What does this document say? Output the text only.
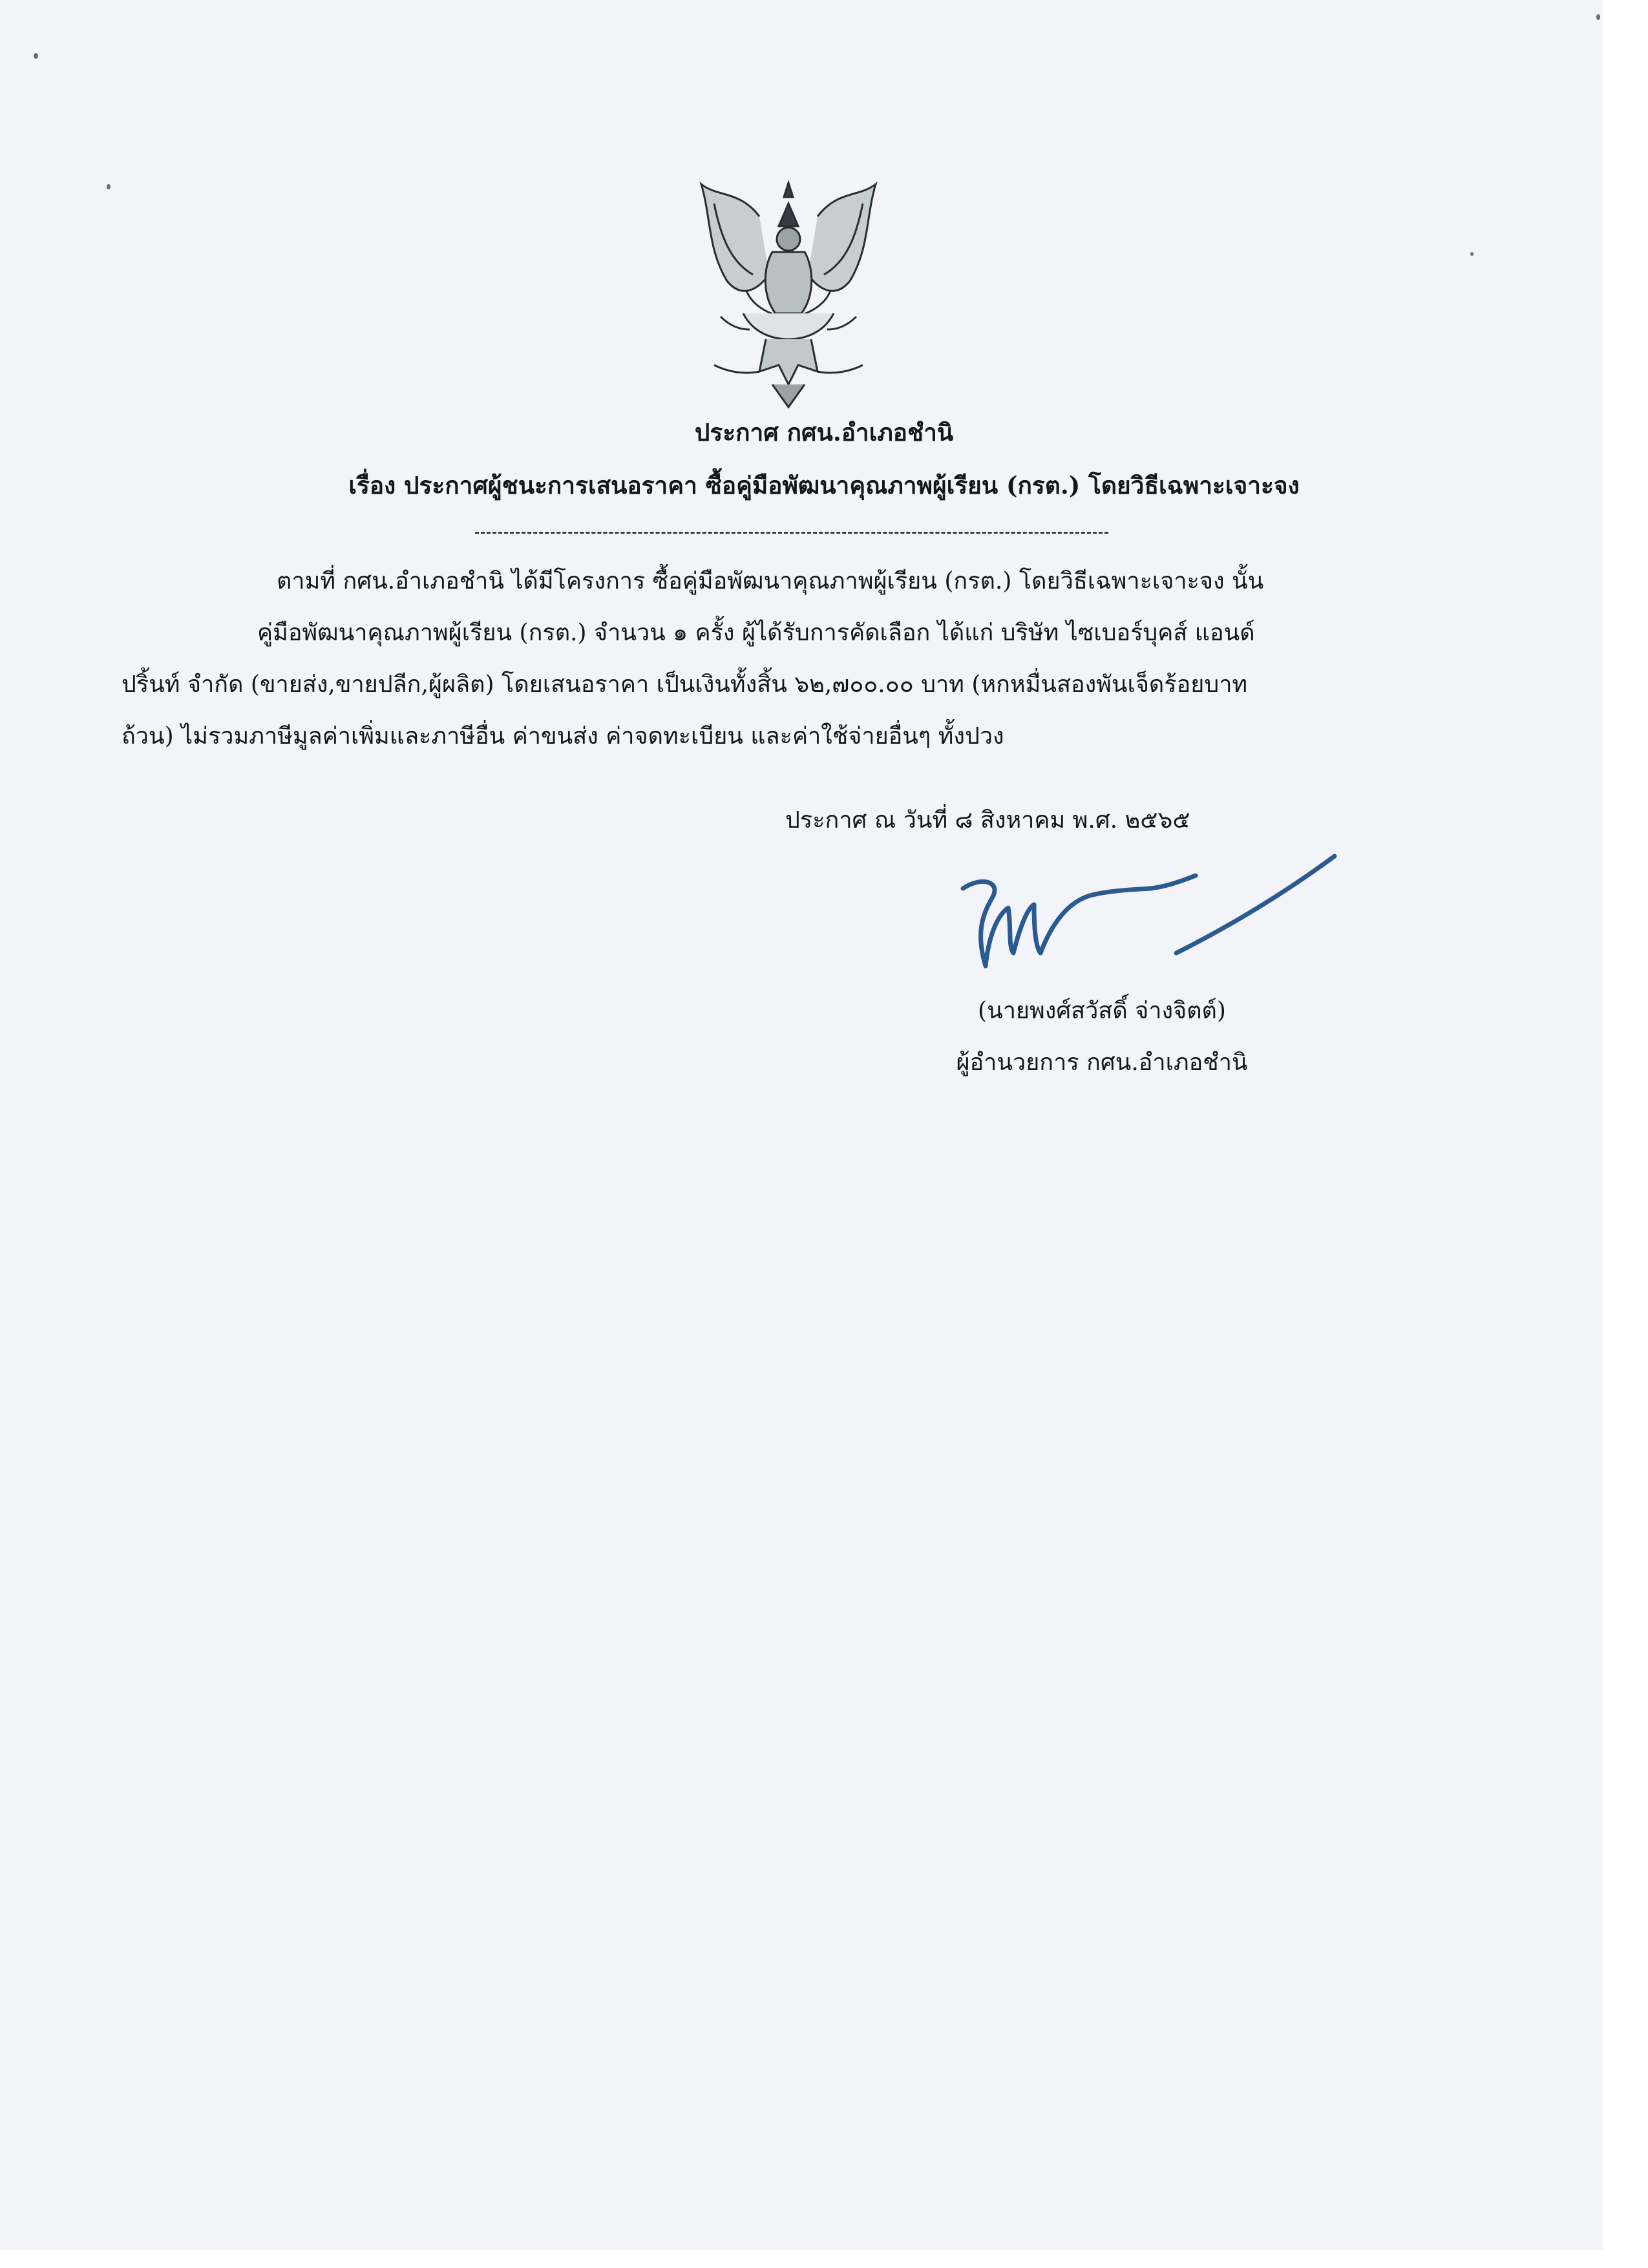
ประกาศ กศน.อำเภอชำนิ
เรื่อง ประกาศผู้ชนะการเสนอราคา ซื้อคู่มือพัฒนาคุณภาพผู้เรียน (กรต.) โดยวิธีเฉพาะเจาะจง
ตามที่ กศน.อำเภอชำนิ ได้มีโครงการ ซื้อคู่มือพัฒนาคุณภาพผู้เรียน (กรต.) โดยวิธีเฉพาะเจาะจง นั้น
คู่มือพัฒนาคุณภาพผู้เรียน (กรต.) จำนวน ๑ ครั้ง ผู้ได้รับการคัดเลือก ได้แก่ บริษัท ไซเบอร์บุคส์ แอนด์
ปริ้นท์ จำกัด (ขายส่ง,ขายปลีก,ผู้ผลิต) โดยเสนอราคา เป็นเงินทั้งสิ้น ๖๒,๗๐๐.๐๐ บาท (หกหมื่นสองพันเจ็ดร้อยบาท
ถ้วน) ไม่รวมภาษีมูลค่าเพิ่มและภาษีอื่น ค่าขนส่ง ค่าจดทะเบียน และค่าใช้จ่ายอื่นๆ ทั้งปวง
ประกาศ ณ วันที่ ๘ สิงหาคม พ.ศ. ๒๕๖๕
(นายพงศ์สวัสดิ์ จ่างจิตต์)
ผู้อำนวยการ กศน.อำเภอชำนิ
